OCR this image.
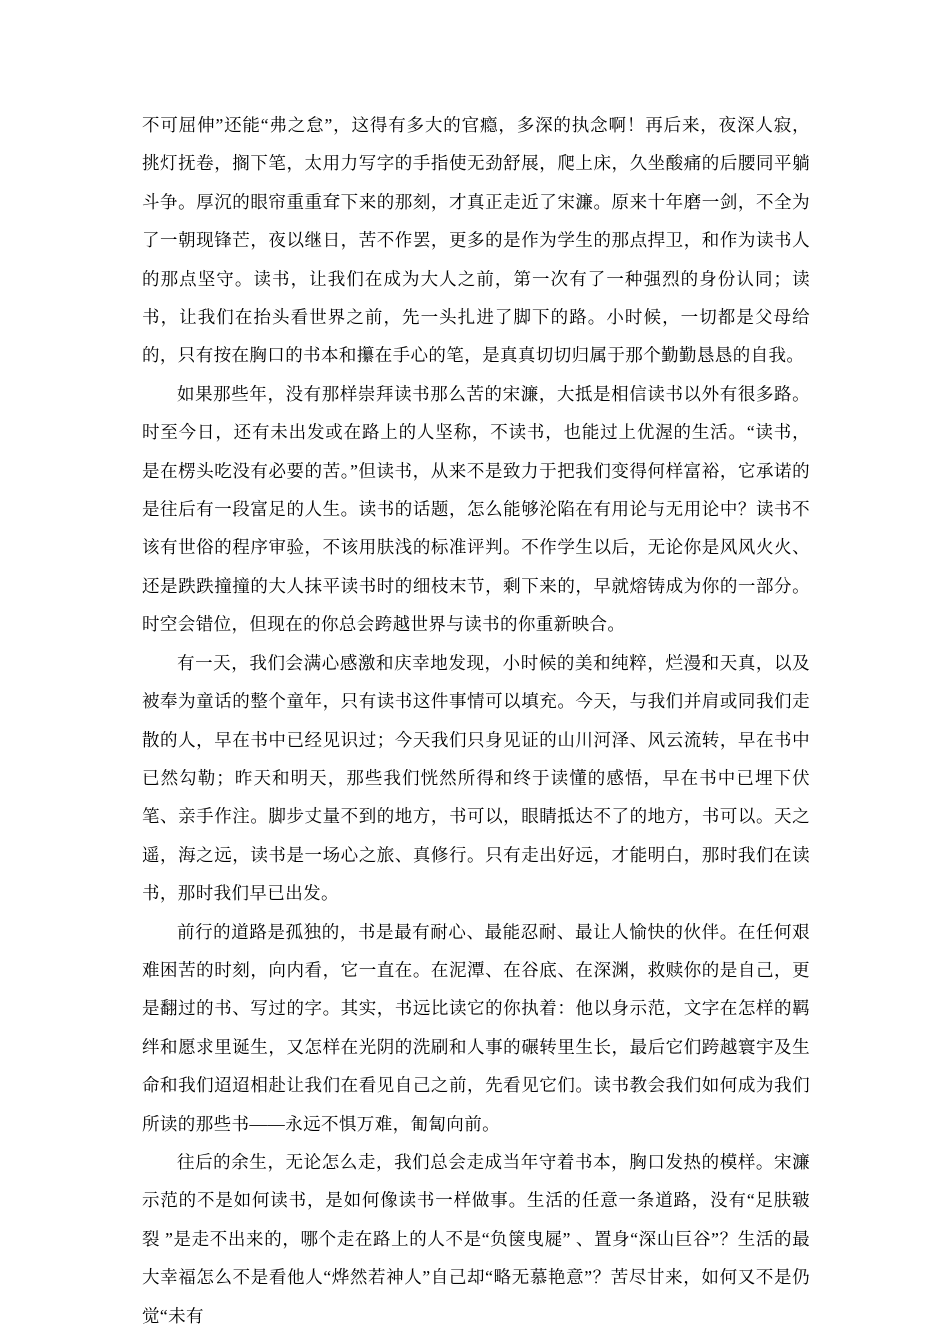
不可屈伸”还能“弗之怠”，这得有多大的官瘾，多深的执念啊！再后来，夜深人寂，挑灯抚卷，搁下笔，太用力写字的手指使无劲舒展，爬上床，久坐酸痛的后腰同平躺斗争。厚沉的眼帘重重耷下来的那刻，才真正走近了宋濂。原来十年磨一剑，不全为了一朝现锋芒，夜以继日，苦不作罢，更多的是作为学生的那点捍卫，和作为读书人的那点坚守。读书，让我们在成为大人之前，第一次有了一种强烈的身份认同；读书，让我们在抬头看世界之前，先一头扎进了脚下的路。小时候，一切都是父母给的，只有按在胸口的书本和攥在手心的笔，是真真切切归属于那个勤勤恳恳的自我。

如果那些年，没有那样崇拜读书那么苦的宋濂，大抵是相信读书以外有很多路。时至今日，还有未出发或在路上的人坚称，不读书，也能过上优渥的生活。“读书，是在楞头吃没有必要的苦。”但读书，从来不是致力于把我们变得何样富裕，它承诺的是往后有一段富足的人生。读书的话题，怎么能够沦陷在有用论与无用论中？读书不该有世俗的程序审验，不该用肤浅的标准评判。不作学生以后，无论你是风风火火、还是跌跌撞撞的大人抹平读书时的细枝末节，剩下来的，早就熔铸成为你的一部分。时空会错位，但现在的你总会跨越世界与读书的你重新映合。

有一天，我们会满心感激和庆幸地发现，小时候的美和纯粹，烂漫和天真，以及被奉为童话的整个童年，只有读书这件事情可以填充。今天，与我们并肩或同我们走散的人，早在书中已经见识过；今天我们只身见证的山川河泽、风云流转，早在书中已然勾勒；昨天和明天，那些我们恍然所得和终于读懂的感悟，早在书中已埋下伏笔、亲手作注。脚步丈量不到的地方，书可以，眼睛抵达不了的地方，书可以。天之遥，海之远，读书是一场心之旅、真修行。只有走出好远，才能明白，那时我们在读书，那时我们早已出发。

前行的道路是孤独的，书是最有耐心、最能忍耐、最让人愉快的伙伴。在任何艰难困苦的时刻，向内看，它一直在。在泥潭、在谷底、在深渊，救赎你的是自己，更是翻过的书、写过的字。其实，书远比读它的你执着：他以身示范，文字在怎样的羁绊和愿求里诞生，又怎样在光阴的洗刷和人事的碾转里生长，最后它们跨越寰宇及生命和我们迢迢相赴让我们在看见自己之前，先看见它们。读书教会我们如何成为我们所读的那些书——永远不惧万难，匍匐向前。

往后的余生，无论怎么走，我们总会走成当年守着书本，胸口发热的模样。宋濂示范的不是如何读书，是如何像读书一样做事。生活的任意一条道路，没有“足肤皲裂 ”是走不出来的，哪个走在路上的人不是“负箧曳屣” 、置身“深山巨谷”？生活的最大幸福怎么不是看他人“烨然若神人”自己却“略无慕艳意”？苦尽甘来，如何又不是仍觉“未有
